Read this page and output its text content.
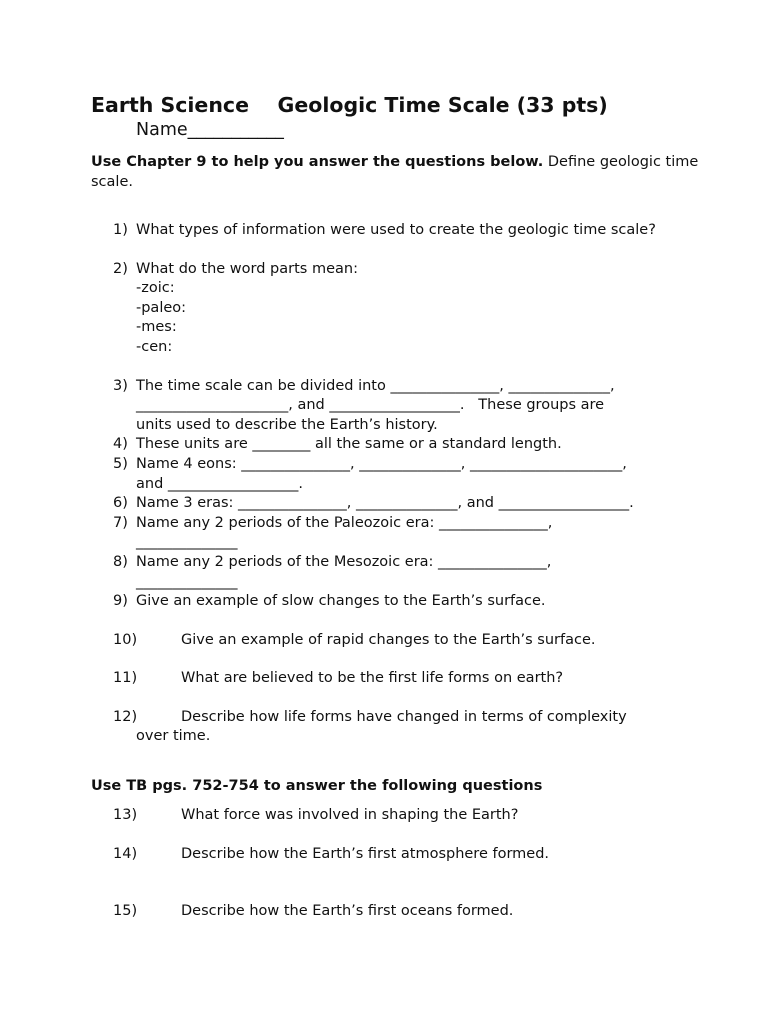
Earth Science    Geologic Time Scale (33 pts)
Name___________
Use Chapter 9 to help you answer the questions below. Define geologic time scale.
1) What types of information were used to create the geologic time scale?
2) What do the word parts mean:
-zoic:
-paleo:
-mes:
-cen:
3) The time scale can be divided into _______________, ______________,
_____________________, and __________________.   These groups are
units used to describe the Earth’s history.
4) These units are ________ all the same or a standard length.
5) Name 4 eons: _______________, ______________, _____________________,
and __________________.
6) Name 3 eras: _______________, ______________, and __________________.
7) Name any 2 periods of the Paleozoic era: _______________,
______________
8) Name any 2 periods of the Mesozoic era: _______________,
______________
9) Give an example of slow changes to the Earth’s surface.
10)	Give an example of rapid changes to the Earth’s surface.
11)	What are believed to be the first life forms on earth?
12)	Describe how life forms have changed in terms of complexity
over time.
Use TB pgs. 752-754 to answer the following questions
13)	What force was involved in shaping the Earth?
14)	Describe how the Earth’s first atmosphere formed.
15)	Describe how the Earth’s first oceans formed.
